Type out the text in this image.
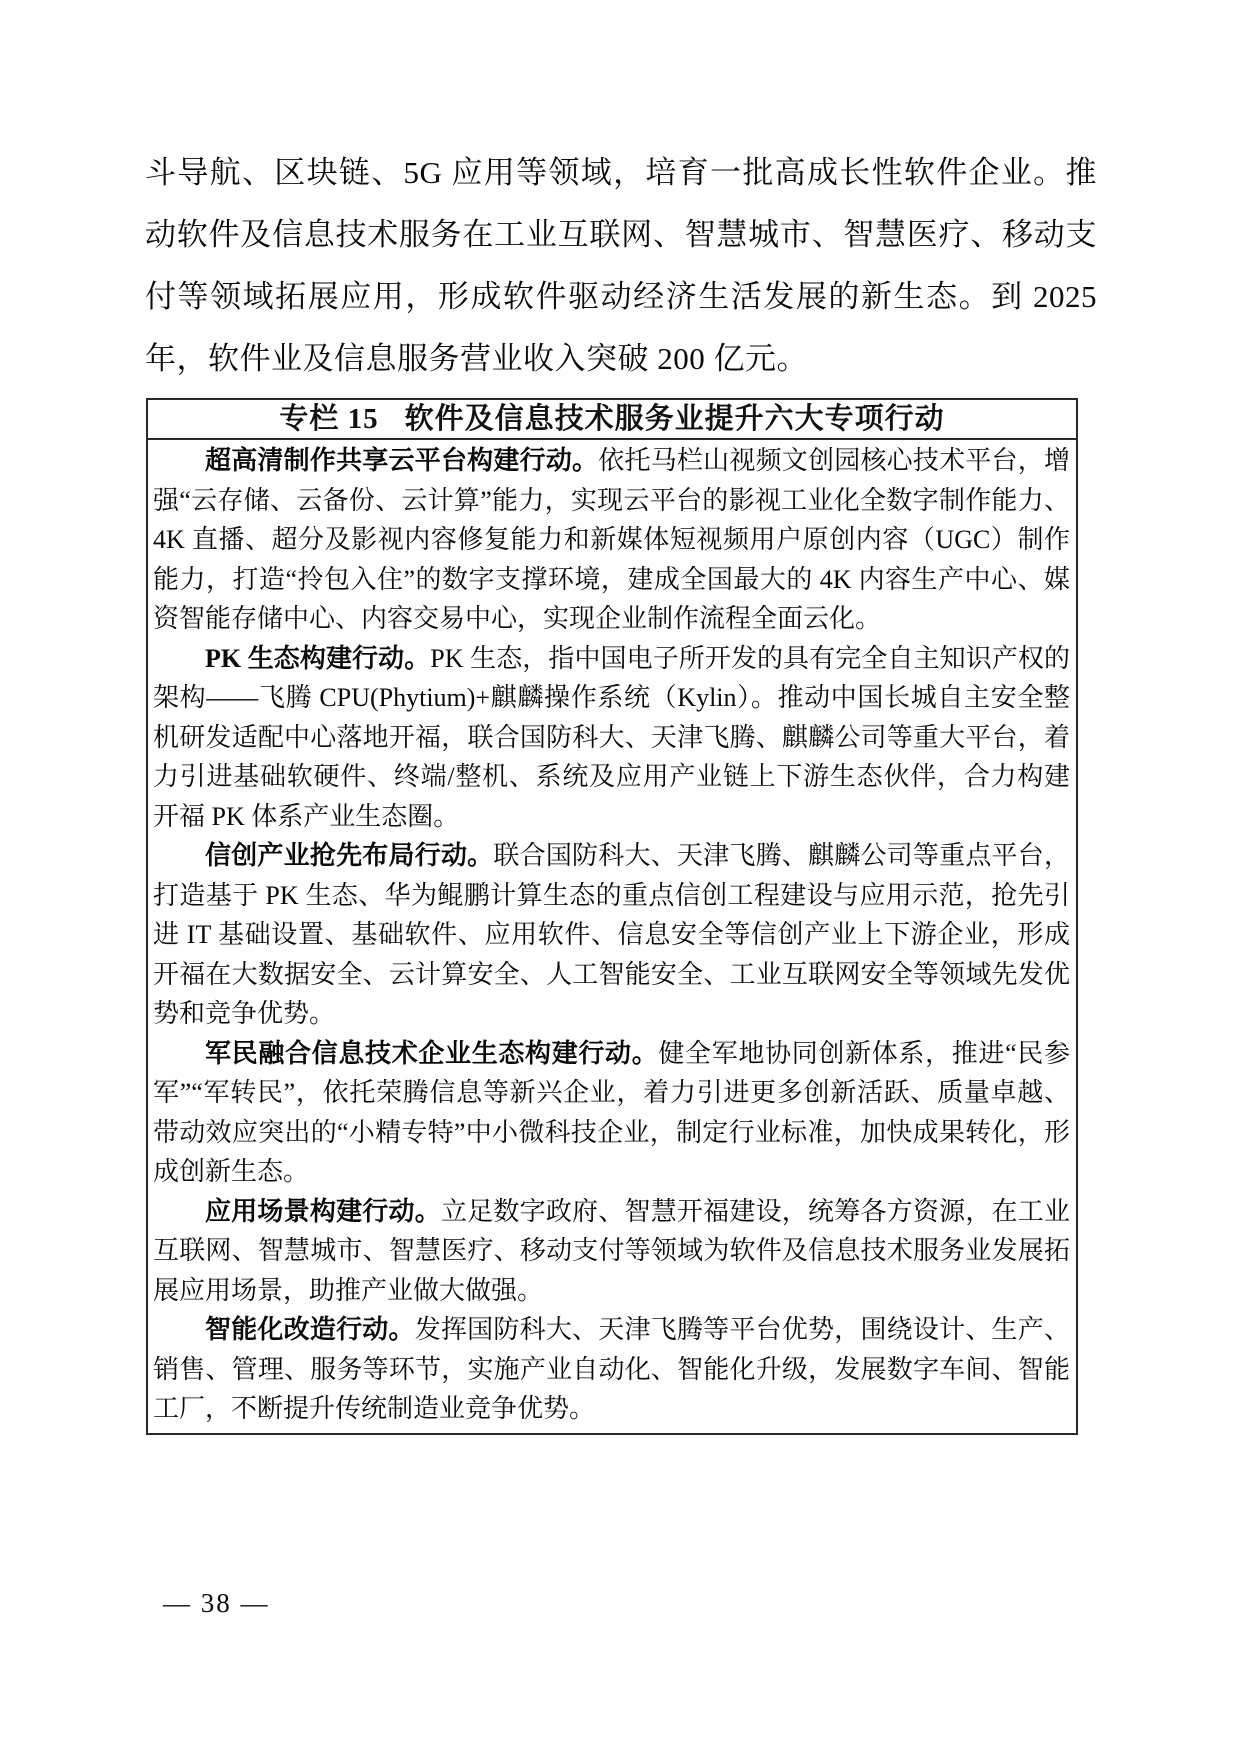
斗导航、区块链、5G 应用等领域，培育一批高成长性软件企业。推动软件及信息技术服务在工业互联网、智慧城市、智慧医疗、移动支付等领域拓展应用，形成软件驱动经济生活发展的新生态。到 2025 年，软件业及信息服务营业收入突破 200 亿元。
专栏 15 软件及信息技术服务业提升六大专项行动

超高清制作共享云平台构建行动。依托马栏山视频文创园核心技术平台，增强“云存储、云备份、云计算”能力，实现云平台的影视工业化全数字制作能力、4K 直播、超分及影视内容修复能力和新媒体短视频用户原创内容（UGC）制作能力，打造“拎包入住”的数字支撑环境，建成全国最大的 4K 内容生产中心、媒资智能存储中心、内容交易中心，实现企业制作流程全面云化。

PK 生态构建行动。PK 生态，指中国电子所开发的具有完全自主知识产权的架构——飞腾 CPU(Phytium)+麒麟操作系统（Kylin）。推动中国长城自主安全整机研发适配中心落地开福，联合国防科大、天津飞腾、麒麟公司等重大平台，着力引进基础软硬件、终端/整机、系统及应用产业链上下游生态伙伴，合力构建开福 PK 体系产业生态圈。

信创产业抢先布局行动。联合国防科大、天津飞腾、麒麟公司等重点平台，打造基于 PK 生态、华为鲲鹏计算生态的重点信创工程建设与应用示范，抢先引进 IT 基础设置、基础软件、应用软件、信息安全等信创产业上下游企业，形成开福在大数据安全、云计算安全、人工智能安全、工业互联网安全等领域先发优势和竞争优势。

军民融合信息技术企业生态构建行动。健全军地协同创新体系，推进“民参军”“军转民”，依托荣腾信息等新兴企业，着力引进更多创新活跃、质量卓越、带动效应突出的“小精专特”中小微科技企业，制定行业标准，加快成果转化，形成创新生态。

应用场景构建行动。立足数字政府、智慧开福建设，统筹各方资源，在工业互联网、智慧城市、智慧医疗、移动支付等领域为软件及信息技术服务业发展拓展应用场景，助推产业做大做强。

智能化改造行动。发挥国防科大、天津飞腾等平台优势，围绕设计、生产、销售、管理、服务等环节，实施产业自动化、智能化升级，发展数字车间、智能工厂，不断提升传统制造业竞争优势。

— 38 —
